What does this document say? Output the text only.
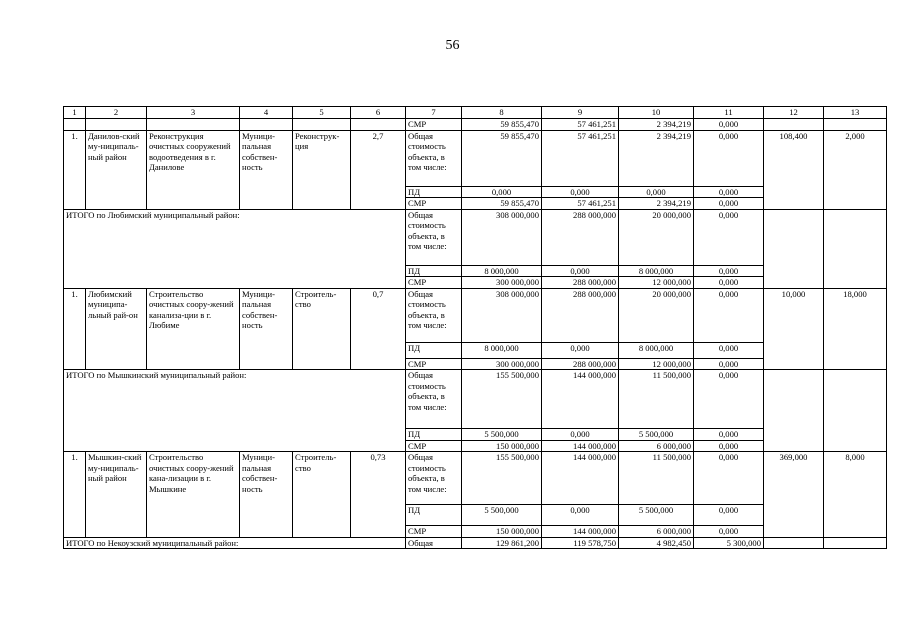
56
1	2	3	4	5	6	7	8	9	10	11	12	13
						СМР	59 855,470	57 461,251	2 394,219	0,000		
1.	Данилов-ский му-ниципаль-ный район	Реконструкция очистных сооружений водоотведения в г. Данилове	Муници-пальная собствен-ность	Реконструк-ция	2,7	Общая стоимость объекта, в том числе:	59 855,470	57 461,251	2 394,219	0,000	108,400	2,000
						ПД	0,000	0,000	0,000	0,000		
						СМР	59 855,470	57 461,251	2 394,219	0,000		
ИТОГО по Любимский муниципальный район:						Общая стоимость объекта, в том числе:	308 000,000	288 000,000	20 000,000	0,000		
						ПД	8 000,000	0,000	8 000,000	0,000		
						СМР	300 000,000	288 000,000	12 000,000	0,000		
1.	Любимский муниципа-льный рай-он	Строительство очистных соору-жений канализа-ции в г. Любиме	Муници-пальная собствен-ность	Строитель-ство	0,7	Общая стоимость объекта, в том числе:	308 000,000	288 000,000	20 000,000	0,000	10,000	18,000
						ПД	8 000,000	0,000	8 000,000	0,000		
						СМР	300 000,000	288 000,000	12 000,000	0,000		
ИТОГО по Мышкинский муниципальный район:						Общая стоимость объекта, в том числе:	155 500,000	144 000,000	11 500,000	0,000		
						ПД	5 500,000	0,000	5 500,000	0,000		
						СМР	150 000,000	144 000,000	6 000,000	0,000		
1.	Мышкин-ский му-ниципаль-ный район	Строительство очистных соору-жений кана-лизации в г. Мышкине	Муници-пальная собствен-ность	Строитель-ство	0,73	Общая стоимость объекта, в том числе:	155 500,000	144 000,000	11 500,000	0,000	369,000	8,000
						ПД	5 500,000	0,000	5 500,000	0,000		
						СМР	150 000,000	144 000,000	6 000,000	0,000		
ИТОГО по Некоузский муниципальный район:						Общая	129 861,200	119 578,750	4 982,450	5 300,000		
